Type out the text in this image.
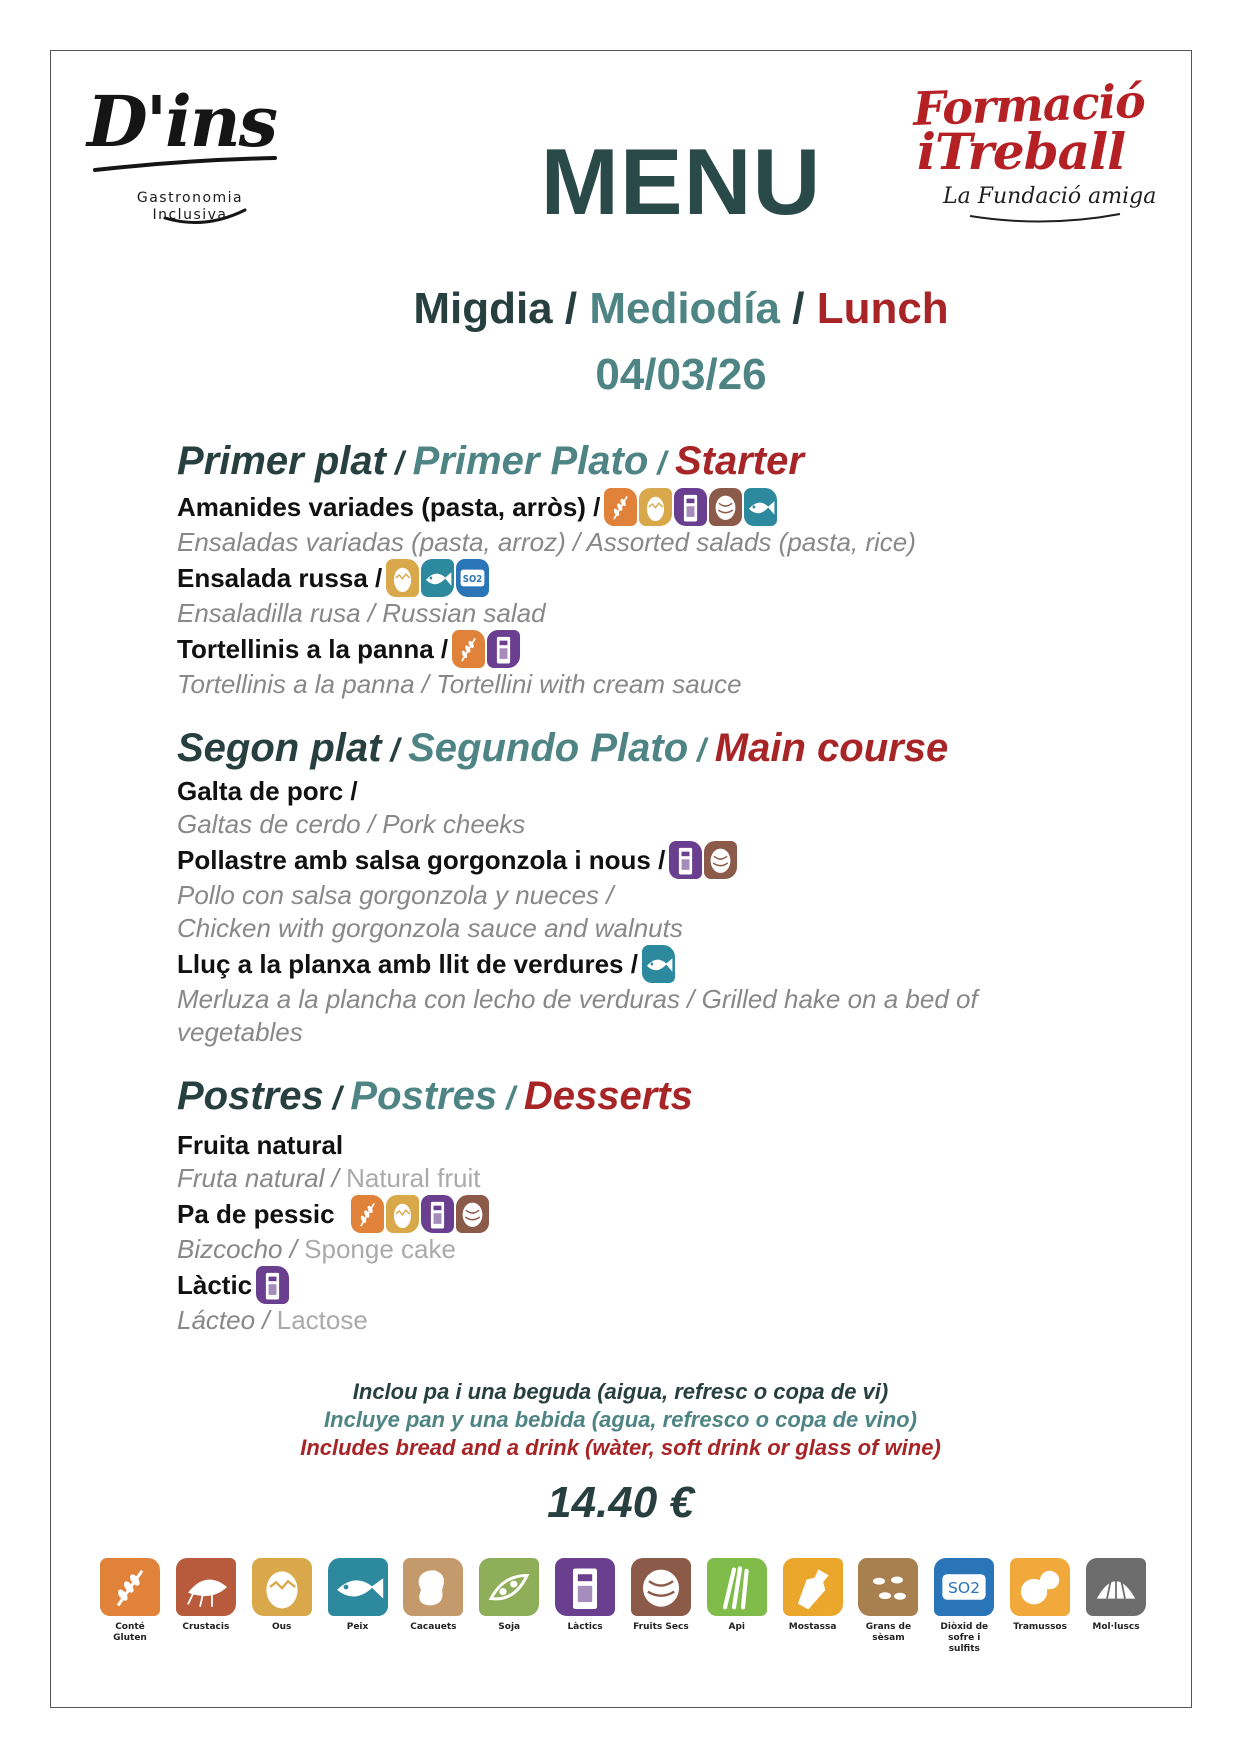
D'ins
Gastronomia
Inclusiva
Formació
iTreball
La Fundació amiga
MENU
Migdia / Mediodía / Lunch
04/03/26
Primer plat / Primer Plato / Starter
Amanides variades (pasta, arròs) /
Ensaladas variadas (pasta, arroz) / Assorted salads (pasta, rice)
Ensalada russa /	SO2
Ensaladilla rusa / Russian salad
Tortellinis a la panna /
Tortellinis a la panna / Tortellini with cream sauce
Segon plat / Segundo Plato / Main course
Galta de porc /
Galtas de cerdo / Pork cheeks
Pollastre amb salsa gorgonzola i nous /
Pollo con salsa gorgonzola y nueces /
Chicken with gorgonzola sauce and walnuts
Lluç a la planxa amb llit de verdures /
Merluza a la plancha con lecho de verduras / Grilled hake on a bed of
vegetables
Postres / Postres / Desserts
Fruita natural
Fruta natural / Natural fruit
Pa de pessic
Bizcocho / Sponge cake
Làctic
Lácteo / Lactose
Inclou pa i una beguda (aigua, refresc o copa de vi)
Incluye pan y una bebida (agua, refresco o copa de vino)
Includes bread and a drink (wàter, soft drink or glass of wine)
14.40 €
Conté Gluten
Crustacis	Ous	Peix	Cacauets	Soja	Làctics	Fruits Secs	Api	Mostassa	Grans de sèsam
SO2
Diòxid de sofre i sulfits
Tramussos	Mol·luscs
